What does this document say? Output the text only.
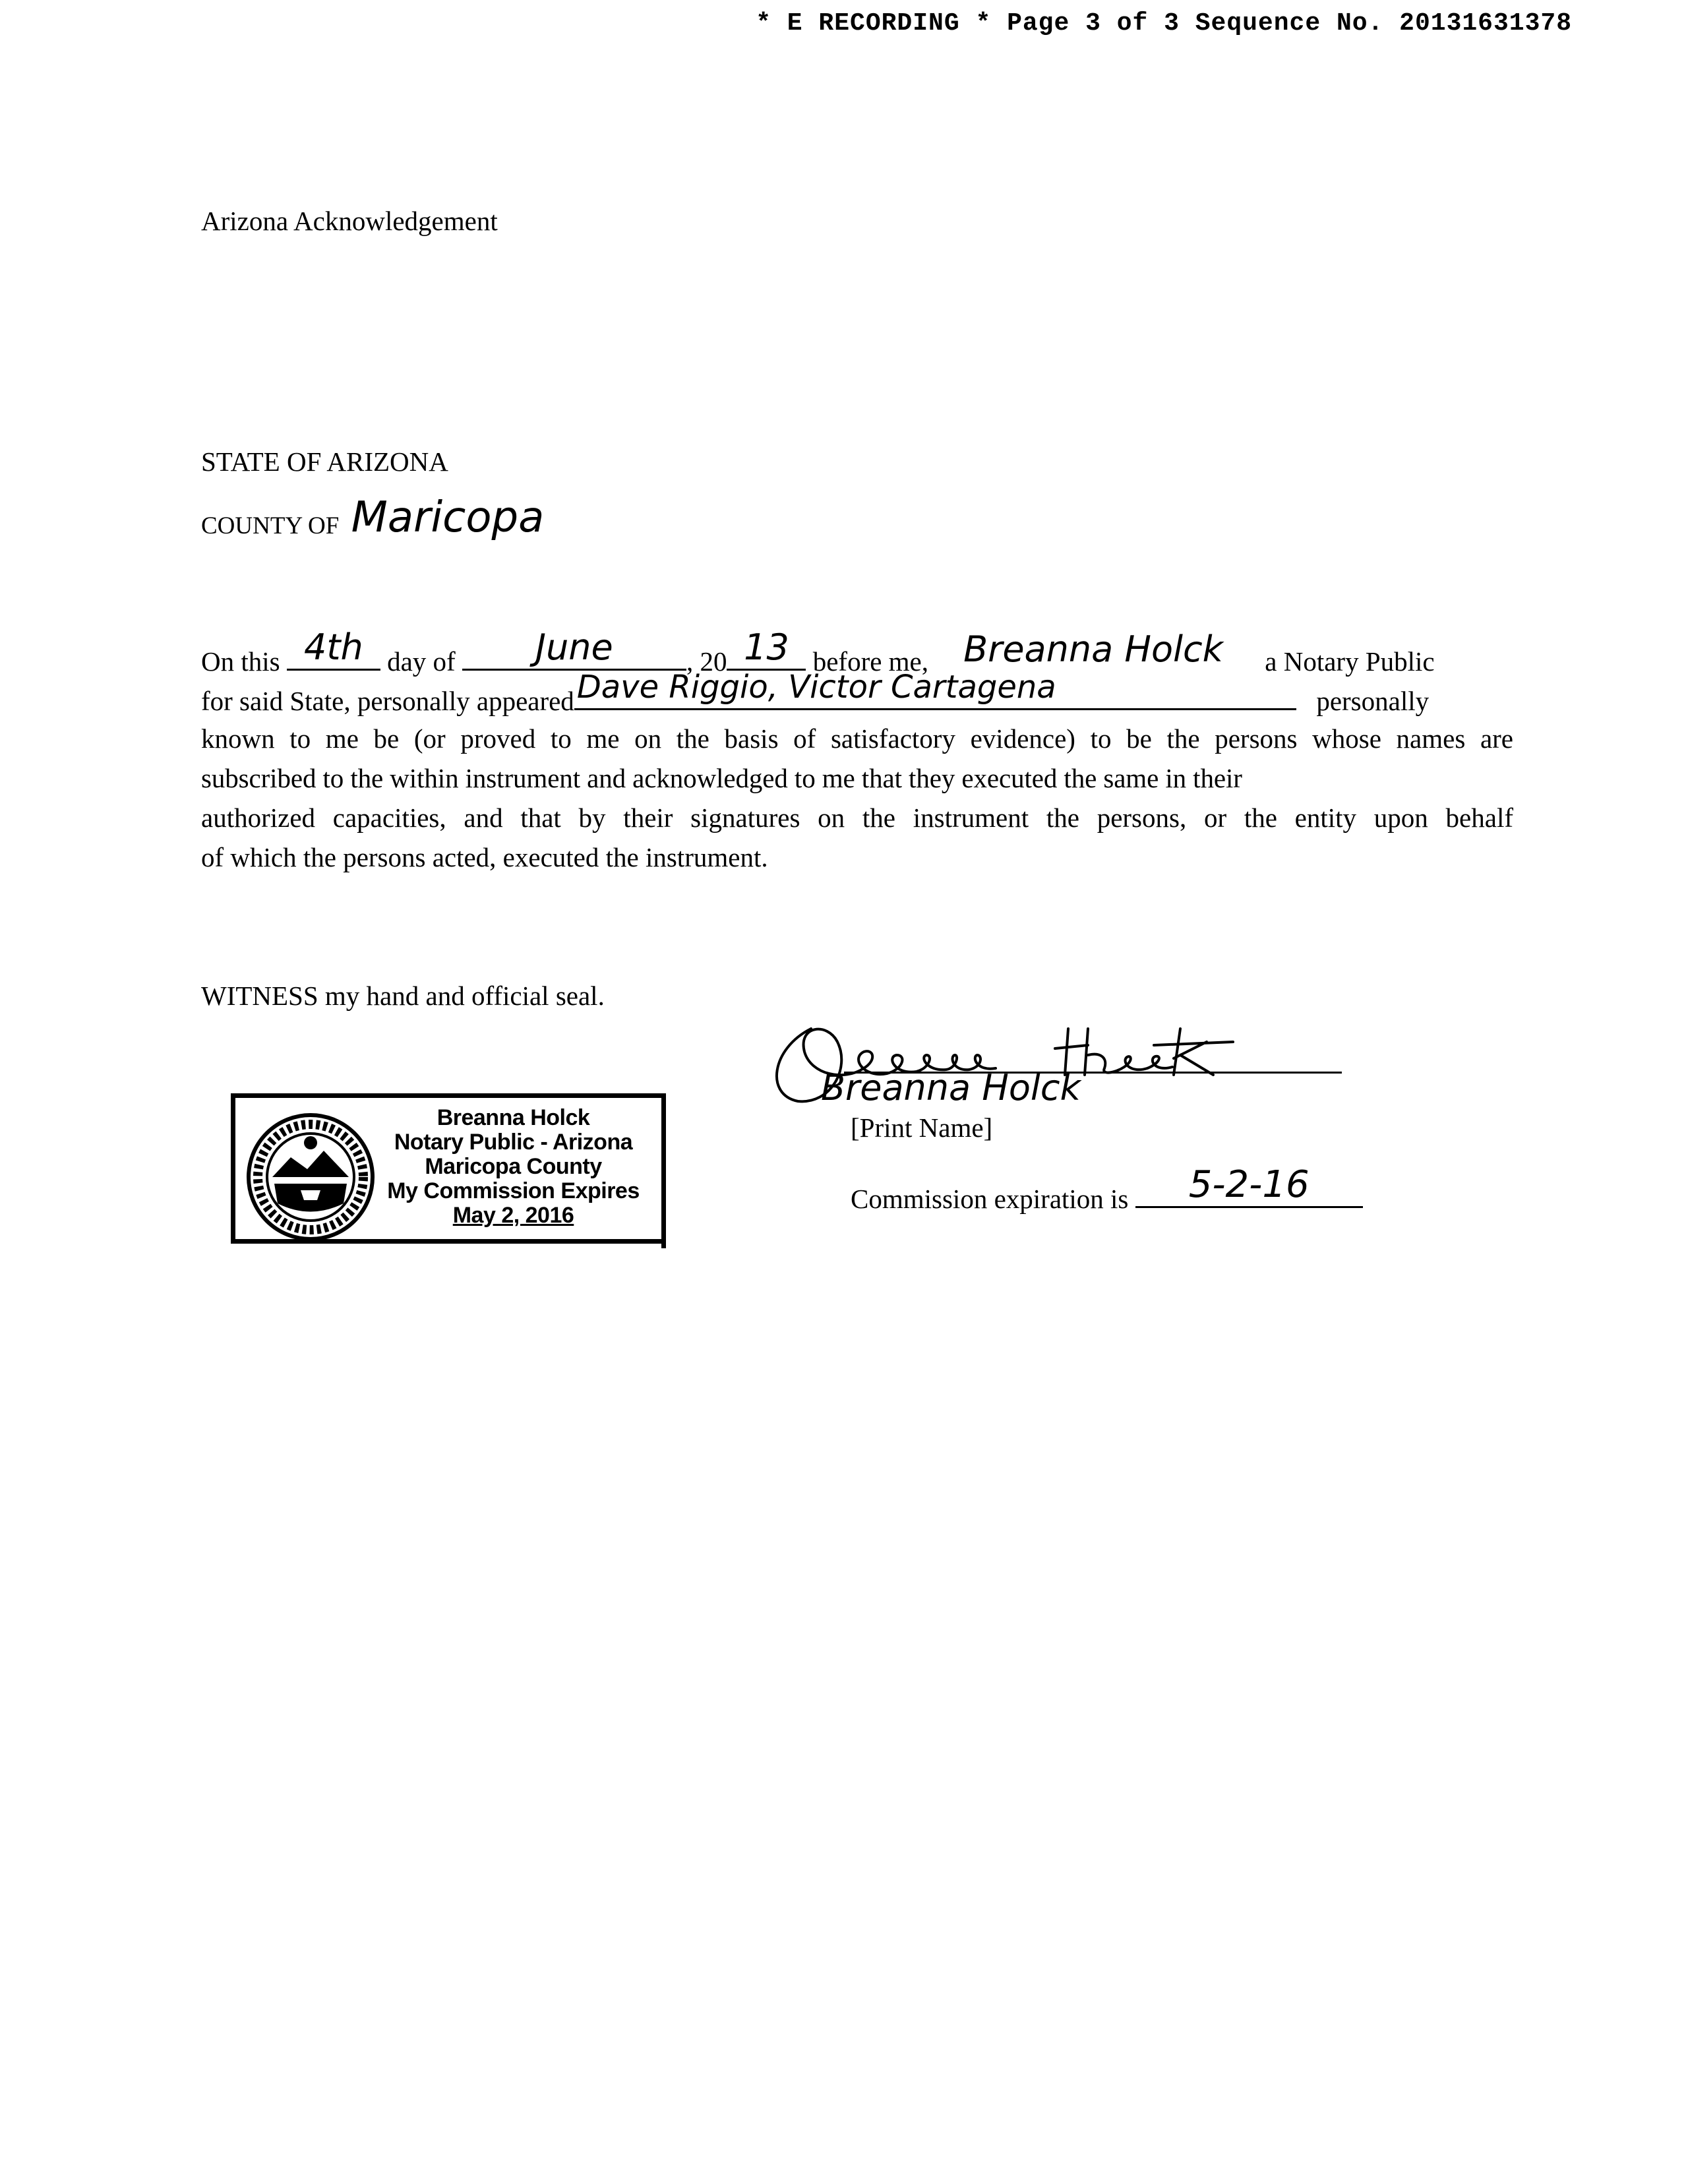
* E RECORDING * Page 3 of 3 Sequence No. 20131631378
Arizona Acknowledgement
STATE OF ARIZONA
COUNTY OF Maricopa
On this 4th day of	June	, 20 13 before me, Breanna Holck	a Notary Public
for said State, personally appeared Dave Riggio, Victor Cartagena	personally
known to me be (or proved to me on the basis of satisfactory evidence) to be the persons whose names are
subscribed to the within instrument and acknowledged to me that they executed the same in their
authorized capacities, and that by their signatures on the instrument the persons, or the entity upon behalf
of which the persons acted, executed the instrument.
WITNESS my hand and official seal.
Breanna Holck
[Print Name]
Commission expiration is	5-2-16
Breanna Holck
Notary Public - Arizona
Maricopa County
My Commission Expires
May 2, 2016
